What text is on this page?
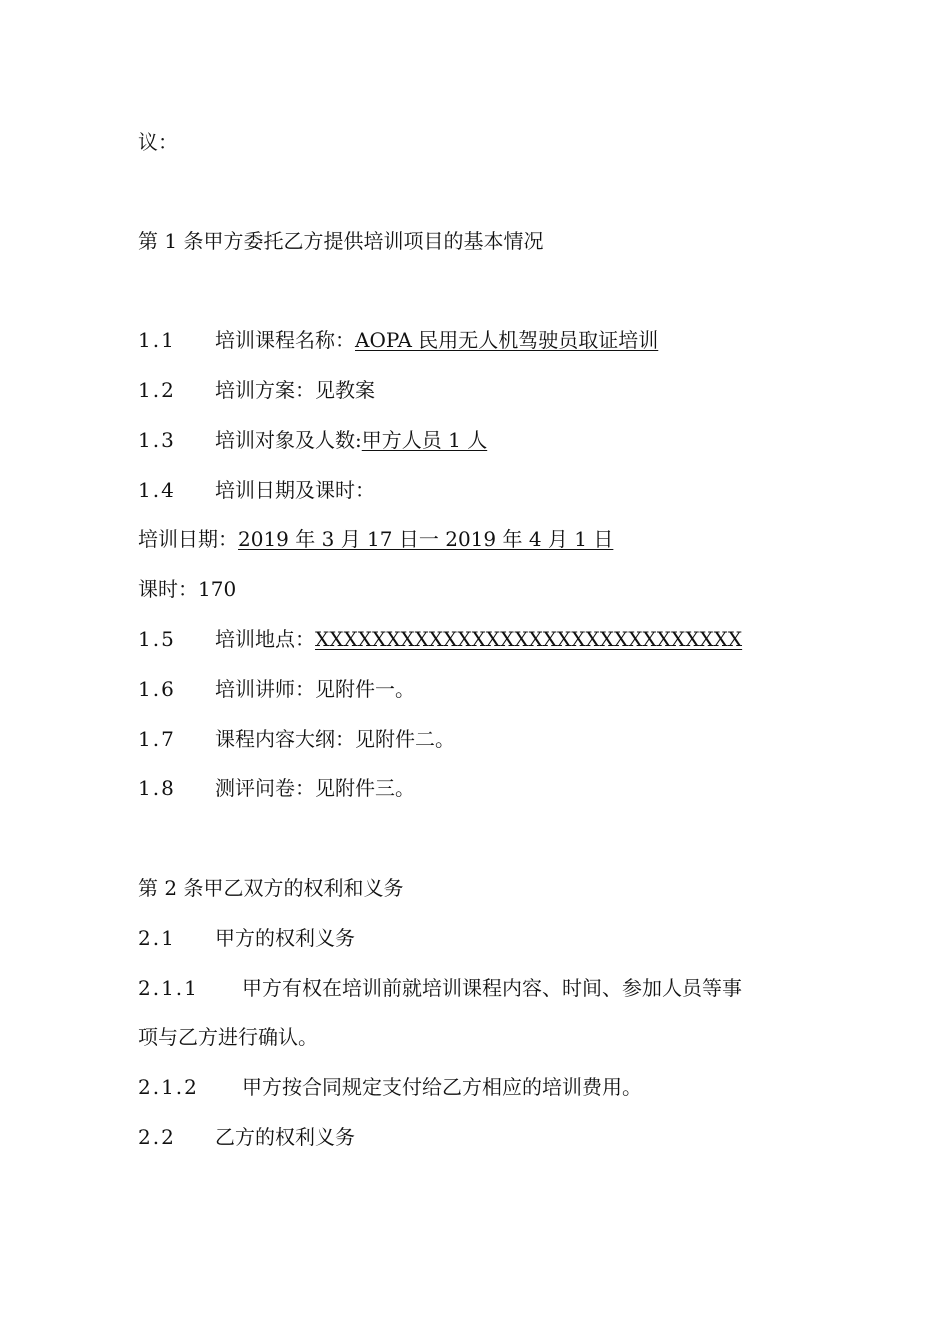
议：
第 1 条甲方委托乙方提供培训项目的基本情况
1.1 培训课程名称：AOPA 民用无人机驾驶员取证培训
1.2 培训方案：见教案
1.3 培训对象及人数:甲方人员 1 人
1.4 培训日期及课时：
培训日期：2019 年 3 月 17 日一 2019 年 4 月 1 日
课时：170
1.5 培训地点：XXXXXXXXXXXXXXXXXXXXXXXXXXXXXX
1.6 培训讲师：见附件一。
1.7 课程内容大纲：见附件二。
1.8 测评问卷：见附件三。
第 2 条甲乙双方的权利和义务
2.1 甲方的权利义务
2.1.1 甲方有权在培训前就培训课程内容、时间、参加人员等事
项与乙方进行确认。
2.1.2 甲方按合同规定支付给乙方相应的培训费用。
2.2 乙方的权利义务
